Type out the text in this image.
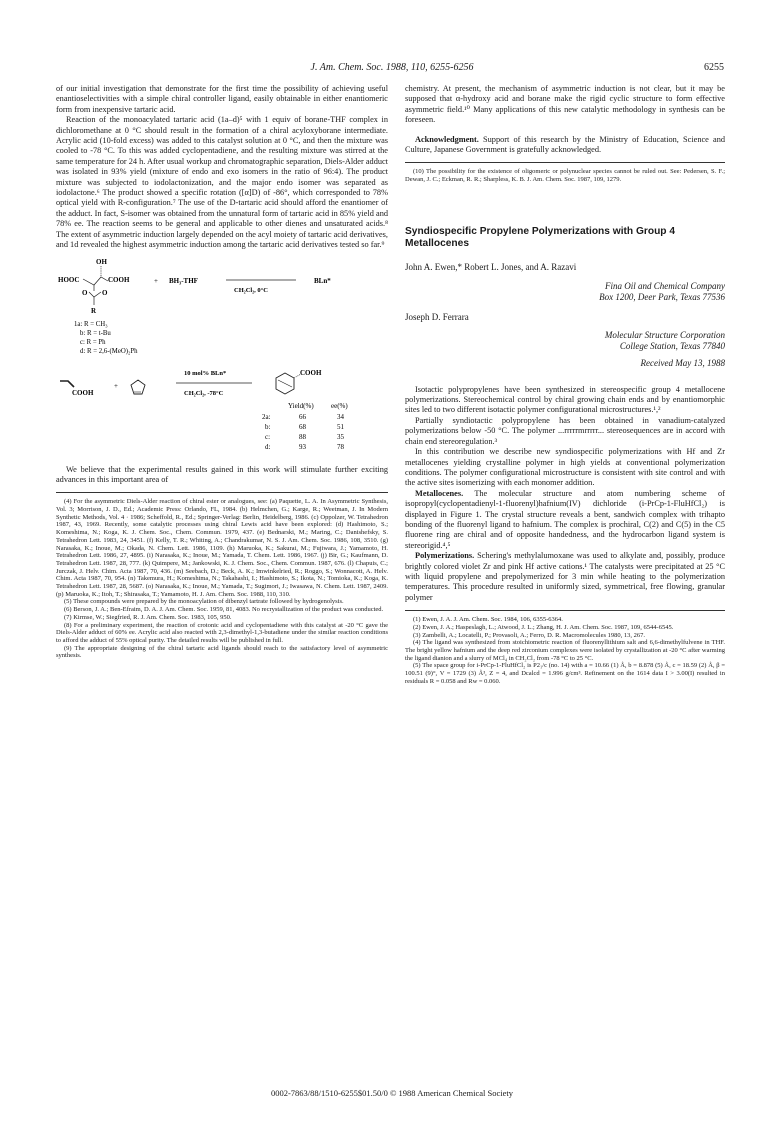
J. Am. Chem. Soc. 1988, 110, 6255-6256	6255

of our initial investigation that demonstrate for the first time the possibility of achieving useful enantioselectivities with a simple chiral controller ligand, easily obtainable in either enantiomeric form from inexpensive tartaric acid.

Reaction of the monoacylated tartaric acid (1a–d)⁵ with 1 equiv of borane-THF complex in dichloromethane at 0 °C should result in the formation of a chiral acyloxyborane intermediate. Acrylic acid (10-fold excess) was added to this catalyst solution at 0 °C, and then the mixture was cooled to -78 °C. To this was added cyclopentadiene, and the resulting mixture was stirred at the same temperature for 24 h. After usual workup and chromatographic separation, Diels-Alder adduct was isolated in 93% yield (mixture of endo and exo isomers in the ratio of 96:4). The product mixture was subjected to iodolactonization, and the major endo isomer was separated as iodolactone.⁶ The product showed a specific rotation ([α]D) of -86°, which corresponded to 78% optical yield with R-configuration.⁷ The use of the D-tartaric acid should afford the enantiomer of the adduct. In fact, S-isomer was obtained from the unnatural form of tartaric acid in 85% yield and 78% ee. The reaction seems to be general and applicable to other dienes and unsaturated acids.⁸ The extent of asymmetric induction largely depended on the acyl moiety of tartaric acid derivatives, and 1d revealed the highest asymmetric induction among the tartaric acid derivatives tested so far.⁹

OH
HOOC	COOH
O O
R
+ BH₃-THF
CH₂Cl₂, 0°C
BLn*
1a: R = CH₃
b: R = t-Bu
c: R = Ph
d: R = 2,6-(MeO)₂Ph
COOH
+
10 mol% BLn*
CH₂Cl₂, -78°C
COOH
Yield(%) ee(%)
2a:	66	34
b:	68	51
c:	88	35
d:	93	78

We believe that the experimental results gained in this work will stimulate further exciting advances in this important area of

(4) For the asymmetric Diels-Alder reaction of chiral ester or analogues, see: (a) Paquette, L. A. In Asymmetric Synthesis, Vol. 3; Morrison, J. D., Ed.; Academic Press: Orlando, FL, 1984. (b) Helmchen, G.; Karge, R.; Weetman, J. In Modern Synthetic Methods, Vol. 4 · 1986; Scheffold, R., Ed.; Springer-Verlag: Berlin, Heidelberg, 1986. (c) Oppolzer, W. Tetrahedron 1987, 43, 1969. Recently, some catalytic processes using chiral Lewis acid have been explored: (d) Hashimoto, S.; Komeshima, N.; Koga, K. J. Chem. Soc., Chem. Commun. 1979, 437. (e) Bednarski, M.; Maring, C.; Danishefsky, S. Tetrahedron Lett. 1983, 24, 3451. (f) Kelly, T. R.; Whiting, A.; Chandrakumar, N. S. J. Am. Chem. Soc. 1986, 108, 3510. (g) Narasaka, K.; Inoue, M.; Okada, N. Chem. Lett. 1986, 1109. (h) Maruoka, K.; Sakurai, M.; Fujiwara, J.; Yamamoto, H. Tetrahedron Lett. 1986, 27, 4895. (i) Narasaka, K.; Inoue, M.; Yamada, T. Chem. Lett. 1986, 1967. (j) Bir, G.; Kaufmann, D. Tetrahedron Lett. 1987, 28, 777. (k) Quimpere, M.; Jankowski, K. J. Chem. Soc., Chem. Commun. 1987, 676. (l) Chapuis, C.; Jurczak, J. Helv. Chim. Acta 1987, 70, 436. (m) Seebach, D.; Beck, A. K.; Imwinkelried, R.; Roggo, S.; Wonnacott, A. Helv. Chim. Acta 1987, 70, 954. (n) Takemura, H.; Komeshima, N.; Takahashi, I.; Hashimoto, S.; Ikota, N.; Tomioka, K.; Koga, K. Tetrahedron Lett. 1987, 28, 5687. (o) Narasaka, K.; Inoue, M.; Yamada, T.; Sugimori, J.; Iwasawa, N. Chem. Lett. 1987, 2409. (p) Maruoka, K.; Itoh, T.; Shirasaka, T.; Yamamoto, H. J. Am. Chem. Soc. 1988, 110, 310.

(5) These compounds were prepared by the monoacylation of dibenzyl tartrate followed by hydrogenolysis.

(6) Berson, J. A.; Ben-Efraim, D. A. J. Am. Chem. Soc. 1959, 81, 4083. No recrystallization of the product was conducted.

(7) Kirmse, W.; Siegfried, R. J. Am. Chem. Soc. 1983, 105, 950.

(8) For a preliminary experiment, the reaction of crotonic acid and cyclopentadiene with this catalyst at -20 °C gave the Diels-Alder adduct of 60% ee. Acrylic acid also reacted with 2,3-dimethyl-1,3-butadiene under the similar reaction conditions to afford the adduct of 55% optical purity. The detailed results will be published in full.

(9) The appropriate designing of the chiral tartaric acid ligands should reach to the satisfactory level of asymmetric synthesis.

chemistry. At present, the mechanism of asymmetric induction is not clear, but it may be supposed that α-hydroxy acid and borane make the rigid cyclic structure to form effective asymmetric field.¹⁰ Many applications of this new catalytic methodology in synthesis can be foreseen.

Acknowledgment. Support of this research by the Ministry of Education, Science and Culture, Japanese Government is gratefully acknowledged.

(10) The possibility for the existence of oligomeric or polynuclear species cannot be ruled out. See: Pedersen, S. F.; Dewan, J. C.; Eckman, R. R.; Sharpless, K. B. J. Am. Chem. Soc. 1987, 109, 1279.

Syndiospecific Propylene Polymerizations with Group 4 Metallocenes
John A. Ewen,* Robert L. Jones, and A. Razavi
Fina Oil and Chemical Company
Box 1200, Deer Park, Texas 77536
Joseph D. Ferrara
Molecular Structure Corporation
College Station, Texas 77840
Received May 13, 1988

Isotactic polypropylenes have been synthesized in stereospecific group 4 metallocene polymerizations. Stereochemical control by chiral growing chain ends and by enantiomorphic sites led to two different isotactic polymer configurational microstructures.¹,²

Partially syndiotactic polypropylene has been obtained in vanadium-catalyzed polymerizations below -50 °C. The polymer ...rrrrrmrrrrr... stereosequences are in accord with chain end stereoregulation.³

In this contribution we describe new syndiospecific polymerizations with Hf and Zr metallocenes yielding crystalline polymer in high yields at conventional polymerization conditions. The polymer configurational microstructure is consistent with site control and with the active sites isomerizing with each monomer addition.

Metallocenes. The molecular structure and atom numbering scheme of isopropyl(cyclopentadienyl-1-fluorenyl)hafnium(IV) dichloride (i-PrCp-1-FluHfCl₂) is displayed in Figure 1. The crystal structure reveals a bent, sandwich complex with trihapto bonding of the fluorenyl ligand to hafnium. The complex is prochiral, C(2) and C(5) in the C5 fluorene ring are chiral and of opposite handedness, and the hydrocarbon ligand system is stereorigid.⁴,⁵

Polymerizations. Schering's methylalumoxane was used to alkylate and, possibly, produce brightly colored violet Zr and pink Hf active cations.¹ The catalysts were precipitated at 25 °C with liquid propylene and prepolymerized for 3 min while heating to the polymerization temperatures. This procedure resulted in uniformly sized, symmetrical, free flowing, granular polymer

(1) Ewen, J. A. J. Am. Chem. Soc. 1984, 106, 6355-6364.

(2) Ewen, J. A.; Haspeslagh, L.; Atwood, J. L.; Zhang, H. J. Am. Chem. Soc. 1987, 109, 6544-6545.

(3) Zambelli, A.; Locatelli, P.; Provasoli, A.; Ferro, D. R. Macromolecules 1980, 13, 267.

(4) The ligand was synthesized from stoichiometric reaction of fluorenyllithium salt and 6,6-dimethylfulvene in THF. The bright yellow hafnium and the deep red zirconium complexes were isolated by crystallization at -20 °C after warming the ligand dianion and a slurry of MCl₄ in CH₂Cl₂ from -78 °C to 25 °C.

(5) The space group for i-PrCp-1-FluHfCl₂ is P2₁/c (no. 14) with a = 10.66 (1) Å, b = 8.878 (5) Å, c = 18.59 (2) Å, β = 100.51 (9)°, V = 1729 (3) Å³, Z = 4, and Dcalcd = 1.996 g/cm³. Refinement on the 1614 data I > 3.00(I) resulted in residuals R = 0.058 and Rw = 0.060.

0002-7863/88/1510-6255$01.50/0 © 1988 American Chemical Society
